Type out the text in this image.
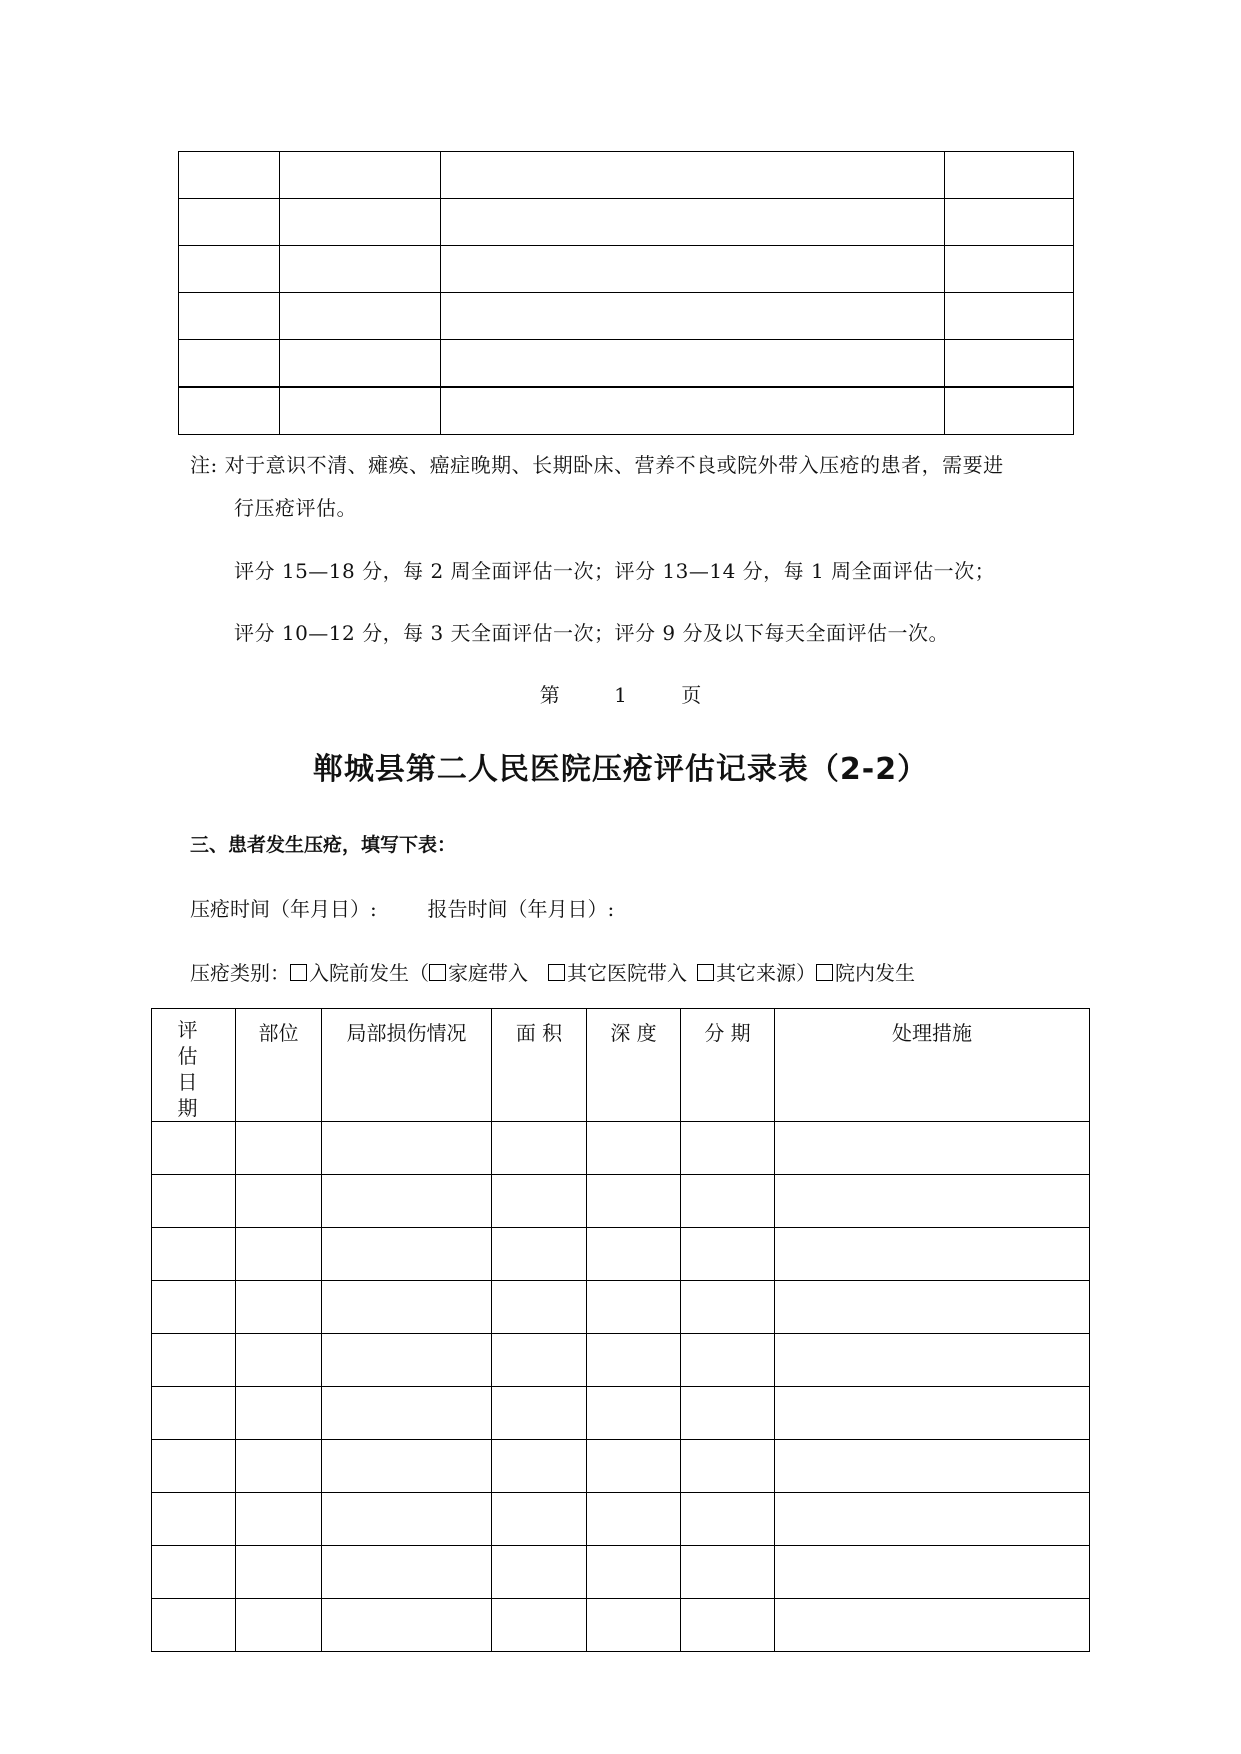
注: 对于意识不清、瘫痪、癌症晚期、长期卧床、营养不良或院外带入压疮的患者，需要进
行压疮评估。
评分 15—18 分，每 2 周全面评估一次；评分 13—14 分，每 1 周全面评估一次；
评分 10—12 分，每 3 天全面评估一次；评分 9 分及以下每天全面评估一次。
第	1	页
郸城县第二人民医院压疮评估记录表（2-2）
三、患者发生压疮，填写下表：
压疮时间（年月日）:	报告时间（年月日）:
压疮类别： 入院前发生（ 家庭带入 其它医院带入 其它来源） 院内发生
评 估 日 期	部位	局部损伤情况	面 积	深 度	分 期	处理措施
